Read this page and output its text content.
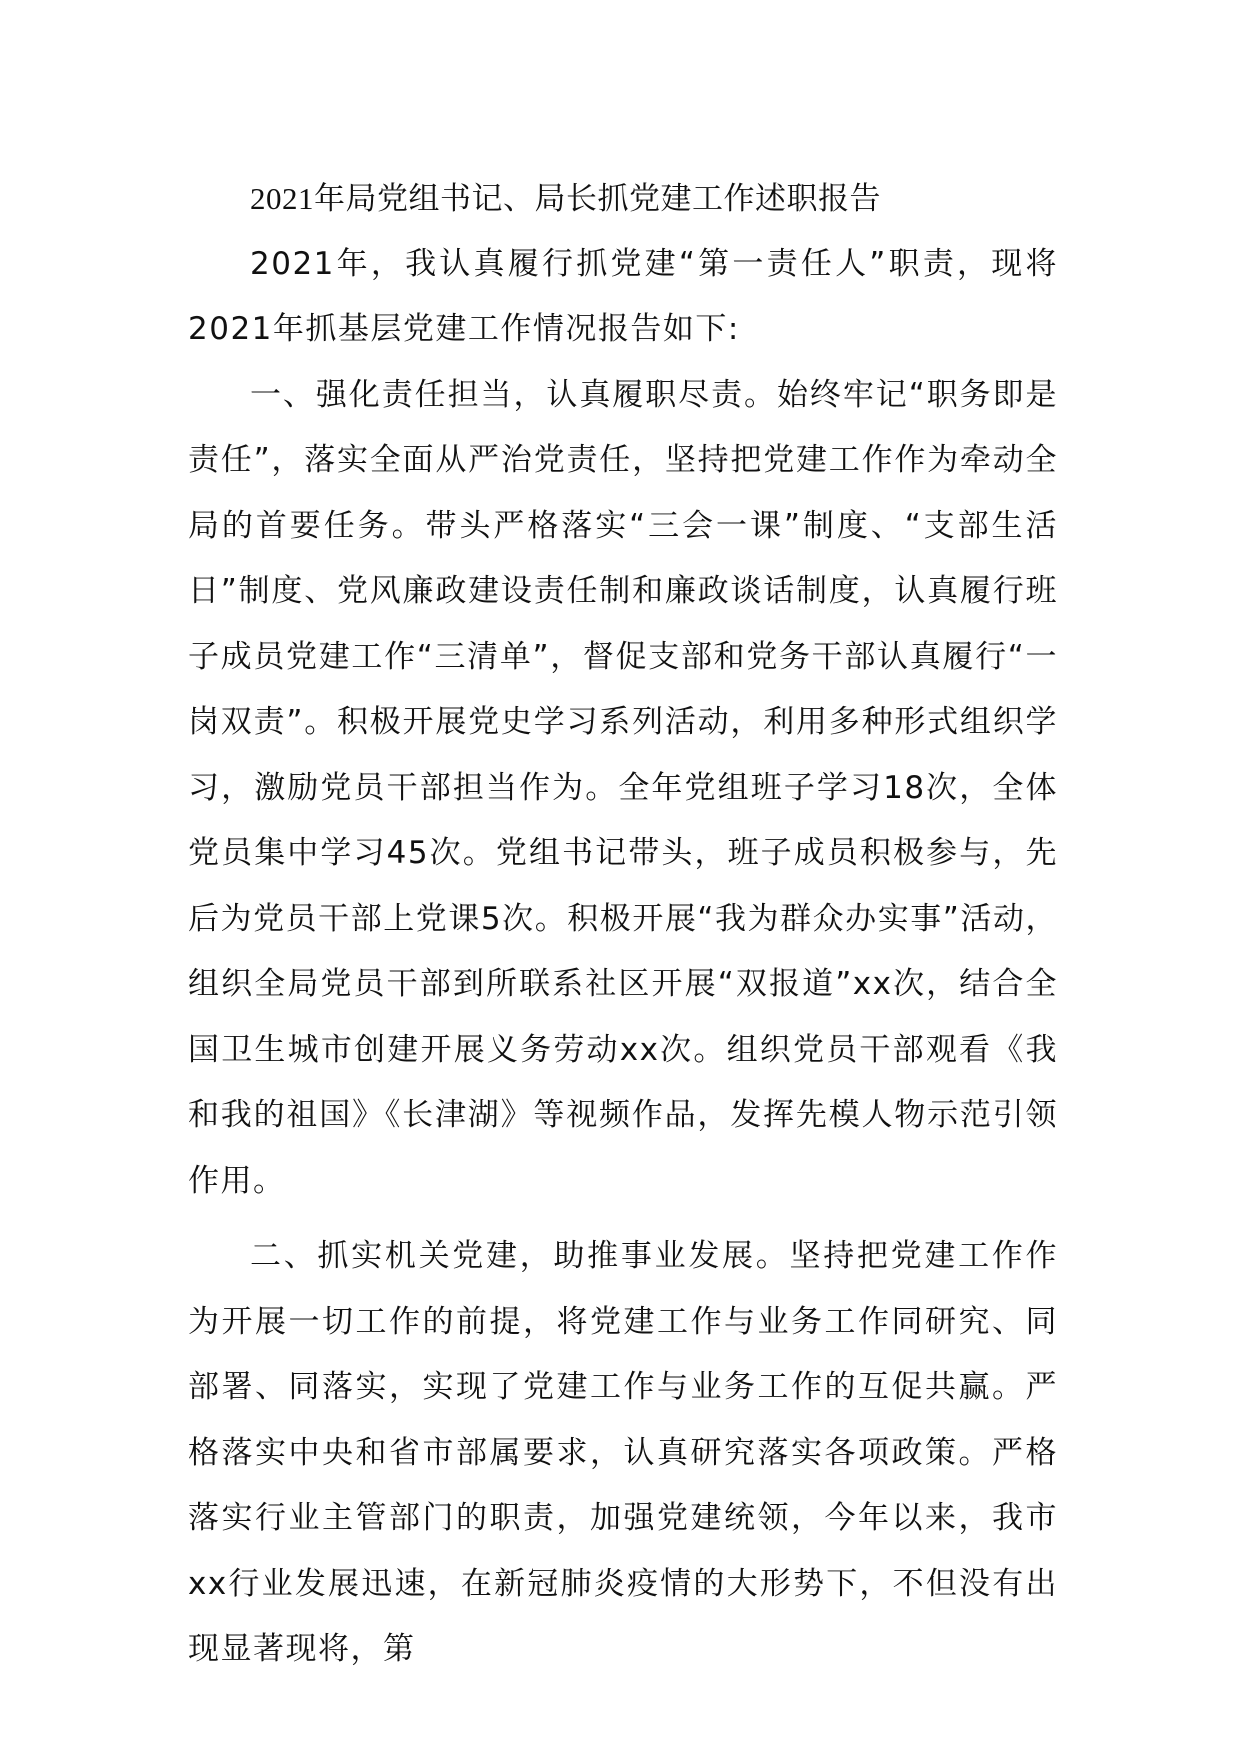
2021年局党组书记、局长抓党建工作述职报告

2021年，我认真履行抓党建“第一责任人”职责，现将2021年抓基层党建工作情况报告如下:

一、强化责任担当，认真履职尽责。始终牢记“职务即是责任”，落实全面从严治党责任，坚持把党建工作作为牵动全局的首要任务。带头严格落实“三会一课”制度、“支部生活日”制度、党风廉政建设责任制和廉政谈话制度，认真履行班子成员党建工作“三清单”，督促支部和党务干部认真履行“一岗双责”。积极开展党史学习系列活动，利用多种形式组织学习，激励党员干部担当作为。全年党组班子学习18次，全体党员集中学习45次。党组书记带头，班子成员积极参与，先后为党员干部上党课5次。积极开展“我为群众办实事”活动，组织全局党员干部到所联系社区开展“双报道”xx次，结合全国卫生城市创建开展义务劳动xx次。组织党员干部观看《我和我的祖国》《长津湖》等视频作品，发挥先模人物示范引领作用。

二、抓实机关党建，助推事业发展。坚持把党建工作作为开展一切工作的前提，将党建工作与业务工作同研究、同部署、同落实，实现了党建工作与业务工作的互促共赢。严格落实中央和省市部属要求，认真研究落实各项政策。严格落实行业主管部门的职责，加强党建统领，今年以来，我市xx行业发展迅速，在新冠肺炎疫情的大形势下，不但没有出现显著现将，第
